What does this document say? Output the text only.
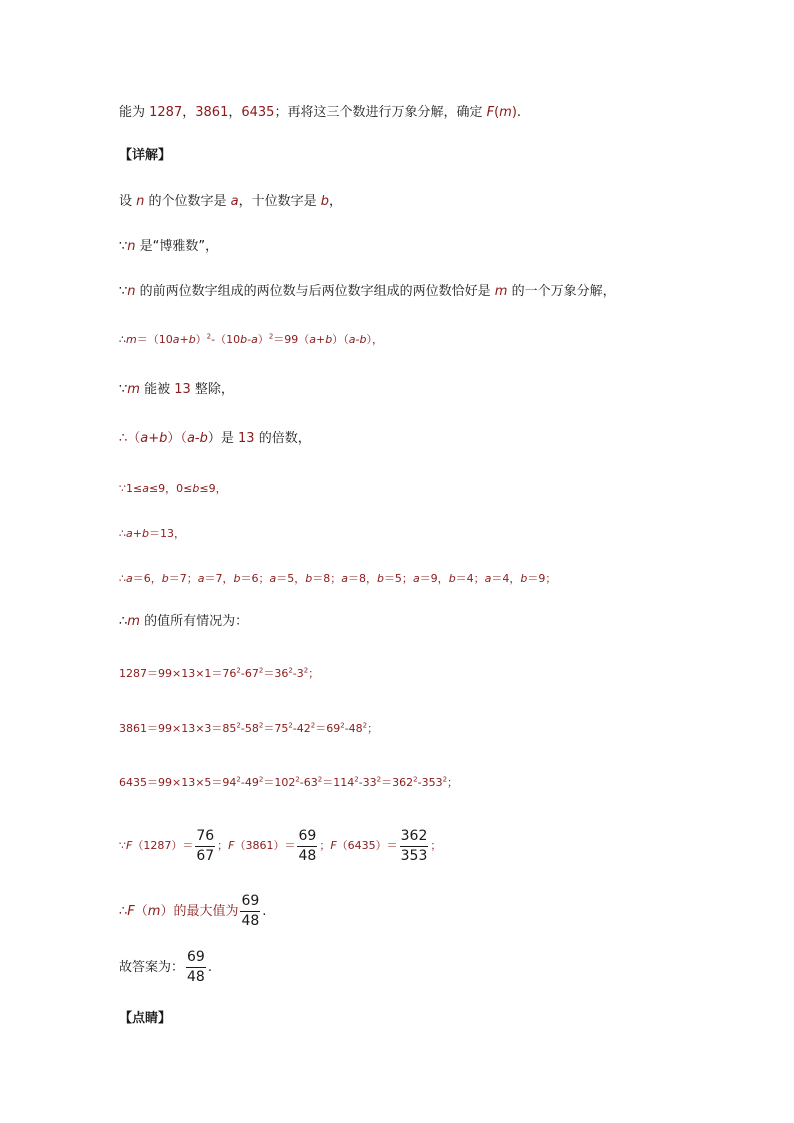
能为 1287，3861，6435；再将这三个数进行万象分解，确定 F(m).
【详解】
设 n 的个位数字是 a，十位数字是 b，
∵n 是“博雅数”，
∵n 的前两位数字组成的两位数与后两位数字组成的两位数恰好是 m 的一个万象分解，
$\therefore m=(10a+b)^2-(10b-a)^2=99(a+b)(a-b)$，
∵m 能被 13 整除，
∴（a+b）（a-b）是 13 的倍数，
∵1≤a≤9，0≤b≤9，
∴a+b＝13，
∴a＝6，b＝7；a＝7，b＝6；a＝5，b＝8；a＝8，b＝5；a＝9，b＝4；a＝4，b＝9；
∴m 的值所有情况为：
$1287=99\times 13\times 1=76^2-67^2=36^2-3^2$；
$3861=99\times 13\times 3=85^2-58^2=75^2-42^2=69^2-48^2$；
$6435=99\times 13\times 5=94^2-49^2=102^2-63^2=114^2-33^2=362^2-353^2$；
∵F（1287）＝ $\frac{76}{67}$ ；$F(3861)= \frac{69}{48}$ ；$F(6435)= \frac{362}{353}$ ；
∴F（m）的最大值为 $\frac{69}{48}$ .
故答案为： $\frac{69}{48}$ .
【点睛】
